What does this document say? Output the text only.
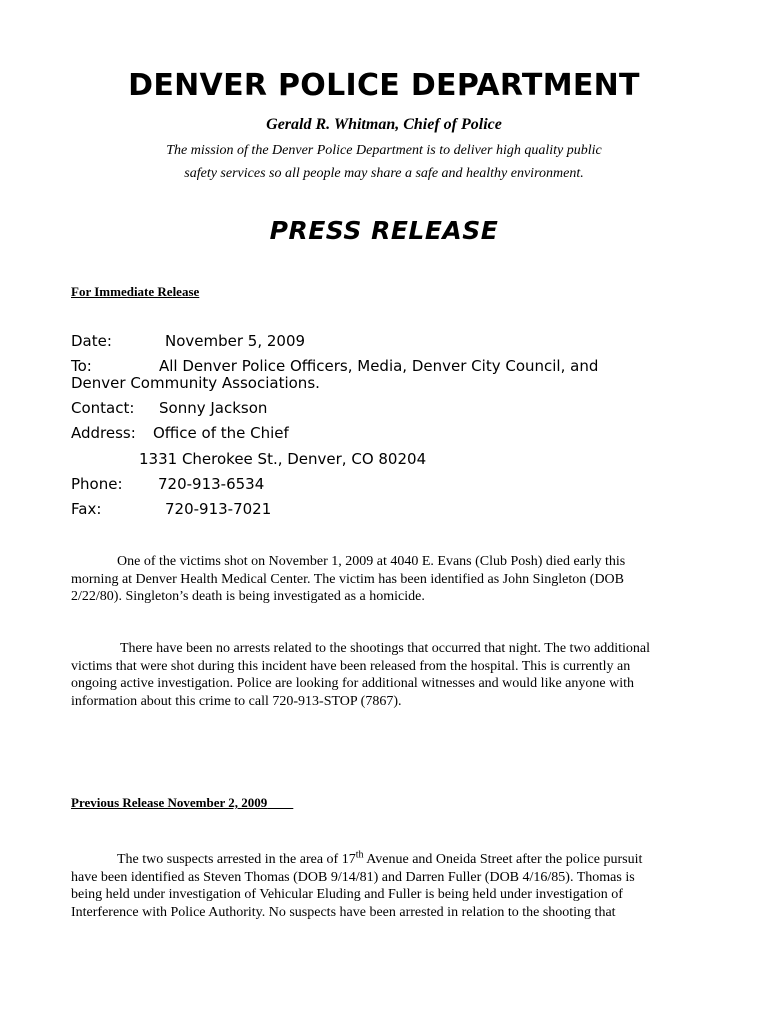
DENVER POLICE DEPARTMENT
Gerald R. Whitman, Chief of Police
The mission of the Denver Police Department is to deliver high quality public
safety services so all people may share a safe and healthy environment.
PRESS RELEASE
For Immediate Release
Date:	November 5, 2009
To:	All Denver Police Officers, Media, Denver City Council, and
Denver Community Associations.
Contact: Sonny Jackson
Address: Office of the Chief
1331 Cherokee St., Denver, CO 80204
Phone: 720-913-6534
Fax:	720-913-7021
One of the victims shot on November 1, 2009 at 4040 E. Evans (Club Posh) died early this
morning at Denver Health Medical Center. The victim has been identified as John Singleton (DOB
2/22/80). Singleton’s death is being investigated as a homicide.
There have been no arrests related to the shootings that occurred that night. The two additional
victims that were shot during this incident have been released from the hospital. This is currently an
ongoing active investigation. Police are looking for additional witnesses and would like anyone with
information about this crime to call 720-913-STOP (7867).
Previous Release November 2, 2009
The two suspects arrested in the area of 17th Avenue and Oneida Street after the police pursuit
have been identified as Steven Thomas (DOB 9/14/81) and Darren Fuller (DOB 4/16/85). Thomas is
being held under investigation of Vehicular Eluding and Fuller is being held under investigation of
Interference with Police Authority. No suspects have been arrested in relation to the shooting that
